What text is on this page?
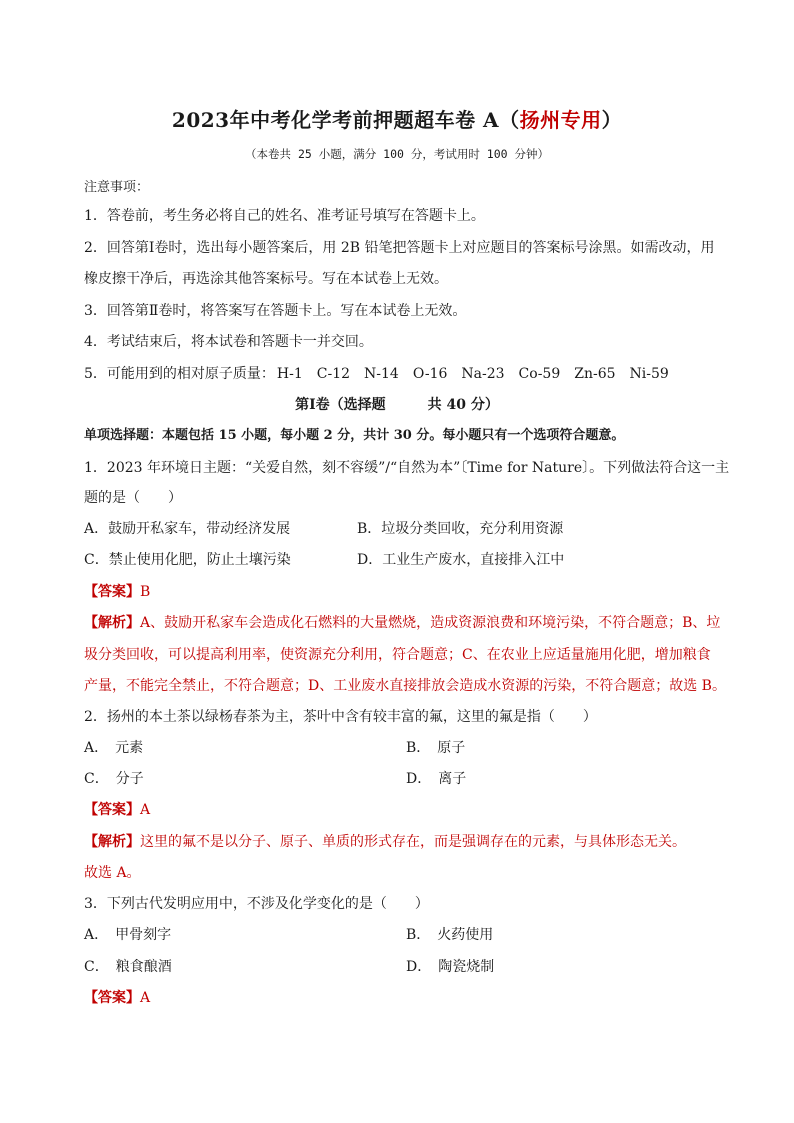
2023年中考化学考前押题超车卷 A（扬州专用）
（本卷共 25 小题，满分 100 分，考试用时 100 分钟）
注意事项：
1．答卷前，考生务必将自己的姓名、准考证号填写在答题卡上。
2．回答第Ⅰ卷时，选出每小题答案后，用 2B 铅笔把答题卡上对应题目的答案标号涂黑。如需改动，用
橡皮擦干净后，再选涂其他答案标号。写在本试卷上无效。
3．回答第Ⅱ卷时，将答案写在答题卡上。写在本试卷上无效。
4．考试结束后，将本试卷和答题卡一并交回。
5．可能用到的相对原子质量： H-1 C-12 N-14 O-16 Na-23 Co-59 Zn-65 Ni-59
第Ⅰ卷（选择题　　　共 40 分）
单项选择题：本题包括 15 小题，每小题 2 分，共计 30 分。每小题只有一个选项符合题意。
1．2023 年环境日主题：“关爱自然，刻不容缓”/“自然为本”〔Time for Nature〕。下列做法符合这一主
题的是（　　）
A．鼓励开私家车，带动经济发展	B．垃圾分类回收，充分利用资源
C．禁止使用化肥，防止土壤污染	D．工业生产废水，直接排入江中
【答案】B
【解析】A、鼓励开私家车会造成化石燃料的大量燃烧，造成资源浪费和环境污染，不符合题意；B、垃
圾分类回收，可以提高利用率，使资源充分利用，符合题意；C、在农业上应适量施用化肥，增加粮食
产量，不能完全禁止，不符合题意；D、工业废水直接排放会造成水资源的污染，不符合题意；故选 B。
2．扬州的本土茶以绿杨春茶为主，茶叶中含有较丰富的氟，这里的氟是指（　　）
A．　元素	B．　原子
C．　分子	D．　离子
【答案】A
【解析】这里的氟不是以分子、原子、单质的形式存在，而是强调存在的元素，与具体形态无关。
故选 A。
3．下列古代发明应用中，不涉及化学变化的是（　　）
A．　甲骨刻字	B．　火药使用
C．　粮食酿酒	D．　陶瓷烧制
【答案】A
